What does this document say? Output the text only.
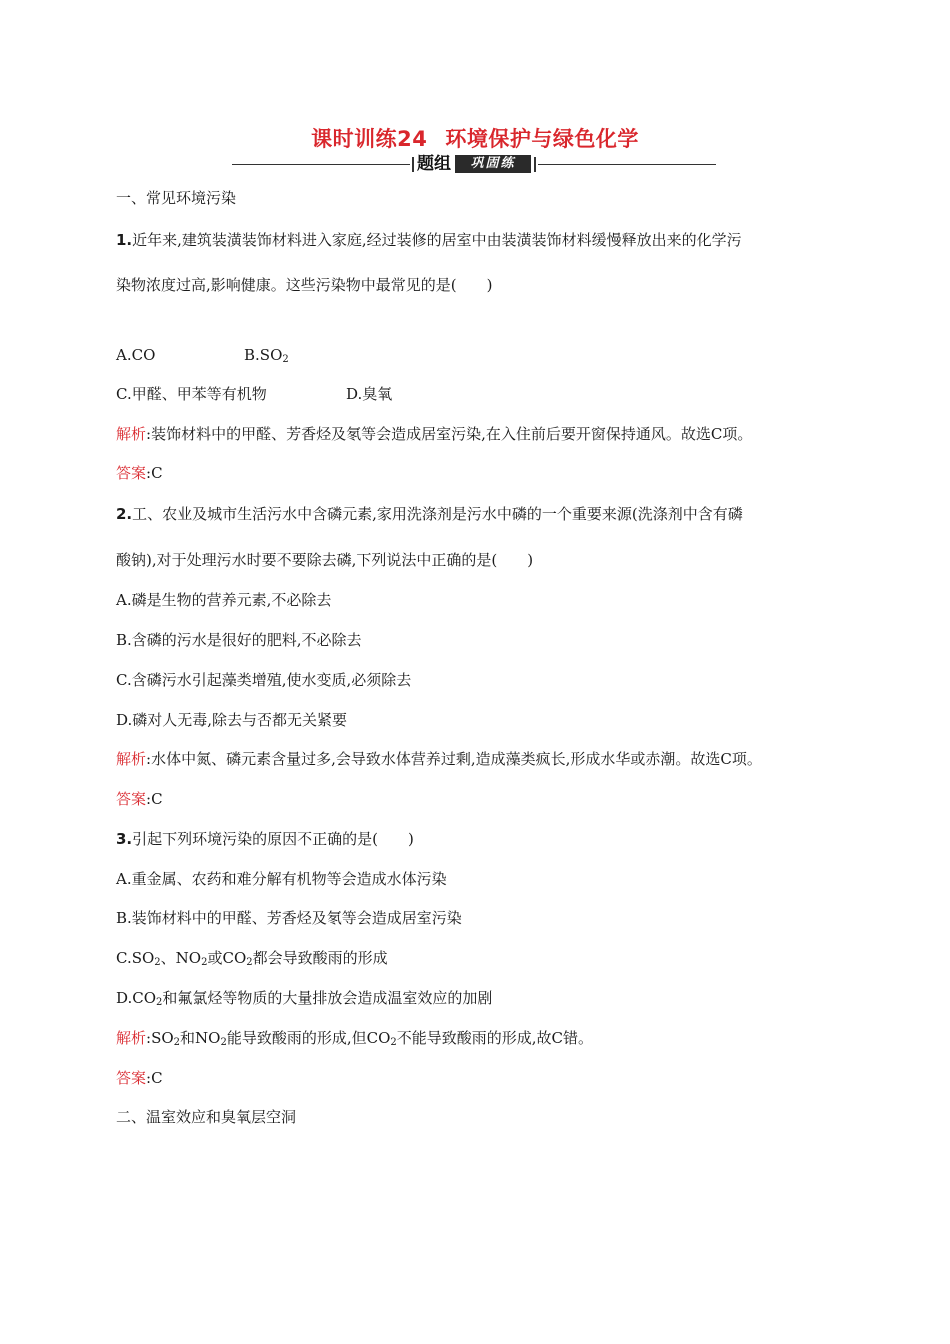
课时训练24 环境保护与绿色化学
题组	巩固练
一、常见环境污染
1.近年来,建筑装潢装饰材料进入家庭,经过装修的居室中由装潢装饰材料缓慢释放出来的化学污
染物浓度过高,影响健康。这些污染物中最常见的是(　　)
A.CO	$B.SO_2$
C.甲醛、甲苯等有机物	D.臭氧
解析:装饰材料中的甲醛、芳香烃及氡等会造成居室污染,在入住前后要开窗保持通风。故选C项。
答案:C
2.工、农业及城市生活污水中含磷元素,家用洗涤剂是污水中磷的一个重要来源(洗涤剂中含有磷
酸钠),对于处理污水时要不要除去磷,下列说法中正确的是(　　)
A.磷是生物的营养元素,不必除去
B.含磷的污水是很好的肥料,不必除去
C.含磷污水引起藻类增殖,使水变质,必须除去
D.磷对人无毒,除去与否都无关紧要
解析:水体中氮、磷元素含量过多,会导致水体营养过剩,造成藻类疯长,形成水华或赤潮。故选C项。
答案:C
3.引起下列环境污染的原因不正确的是(　　)
A.重金属、农药和难分解有机物等会造成水体污染
B.装饰材料中的甲醛、芳香烃及氡等会造成居室污染
$C.SO_2$、$NO_2$或$CO_2$都会导致酸雨的形成
$D.CO_2$和氟氯烃等物质的大量排放会造成温室效应的加剧
解析$:SO_2$和$NO_2$能导致酸雨的形成,但$CO_2$不能导致酸雨的形成,故C错。
答案:C
二、温室效应和臭氧层空洞
